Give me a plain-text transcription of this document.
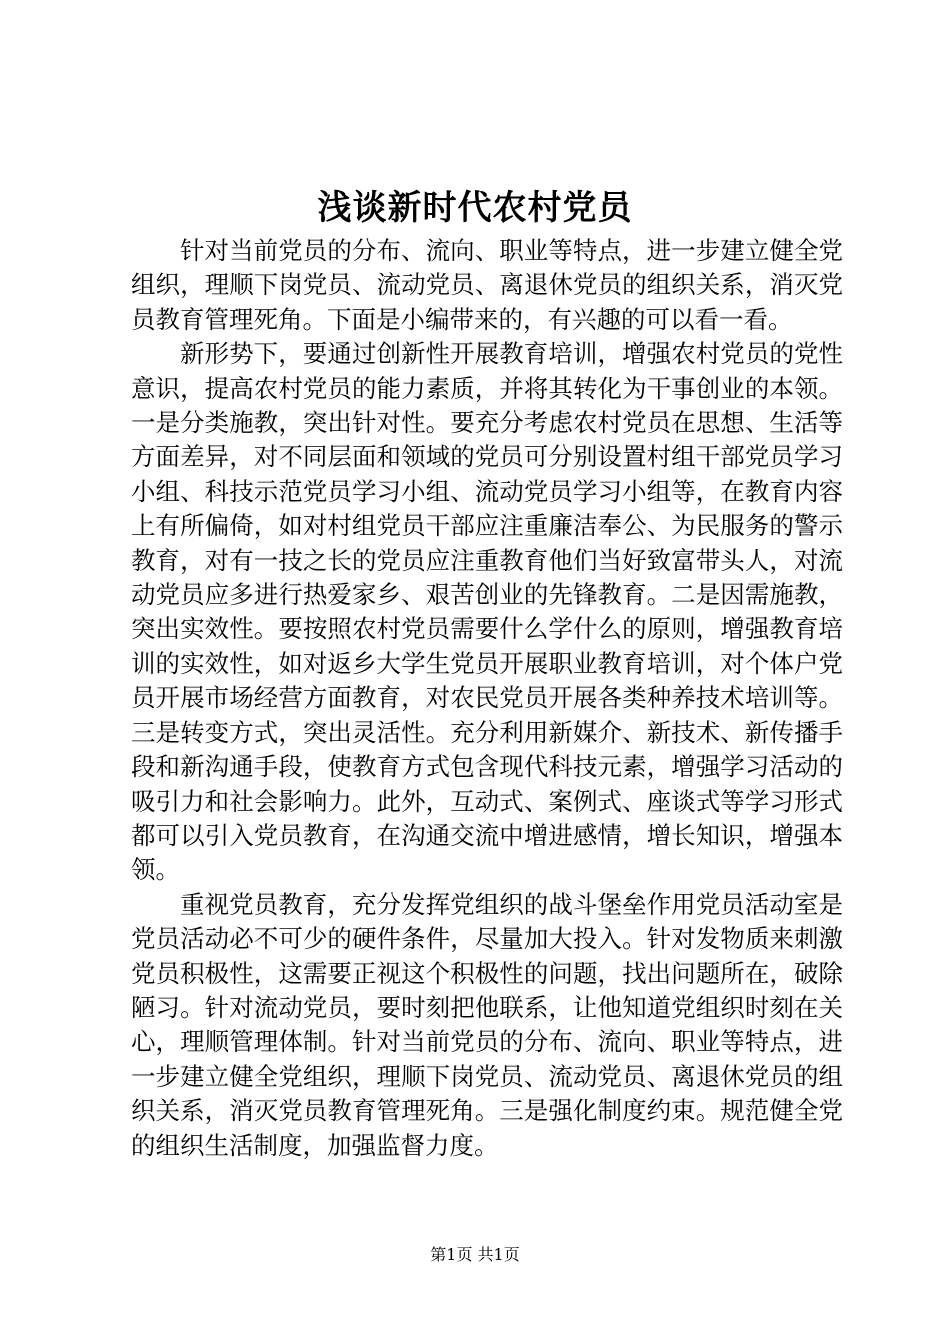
浅谈新时代农村党员

针对当前党员的分布、流向、职业等特点，进一步建立健全党组织，理顺下岗党员、流动党员、离退休党员的组织关系，消灭党员教育管理死角。下面是小编带来的，有兴趣的可以看一看。

新形势下，要通过创新性开展教育培训，增强农村党员的党性意识，提高农村党员的能力素质，并将其转化为干事创业的本领。一是分类施教，突出针对性。要充分考虑农村党员在思想、生活等方面差异，对不同层面和领域的党员可分别设置村组干部党员学习小组、科技示范党员学习小组、流动党员学习小组等，在教育内容上有所偏倚，如对村组党员干部应注重廉洁奉公、为民服务的警示教育，对有一技之长的党员应注重教育他们当好致富带头人，对流动党员应多进行热爱家乡、艰苦创业的先锋教育。二是因需施教，突出实效性。要按照农村党员需要什么学什么的原则，增强教育培训的实效性，如对返乡大学生党员开展职业教育培训，对个体户党员开展市场经营方面教育，对农民党员开展各类种养技术培训等。三是转变方式，突出灵活性。充分利用新媒介、新技术、新传播手段和新沟通手段，使教育方式包含现代科技元素，增强学习活动的吸引力和社会影响力。此外，互动式、案例式、座谈式等学习形式都可以引入党员教育，在沟通交流中增进感情，增长知识，增强本领。

重视党员教育，充分发挥党组织的战斗堡垒作用党员活动室是党员活动必不可少的硬件条件，尽量加大投入。针对发物质来刺激党员积极性，这需要正视这个积极性的问题，找出问题所在，破除陋习。针对流动党员，要时刻把他联系，让他知道党组织时刻在关心，理顺管理体制。针对当前党员的分布、流向、职业等特点，进一步建立健全党组织，理顺下岗党员、流动党员、离退休党员的组织关系，消灭党员教育管理死角。三是强化制度约束。规范健全党的组织生活制度，加强监督力度。

第1页 共1页
